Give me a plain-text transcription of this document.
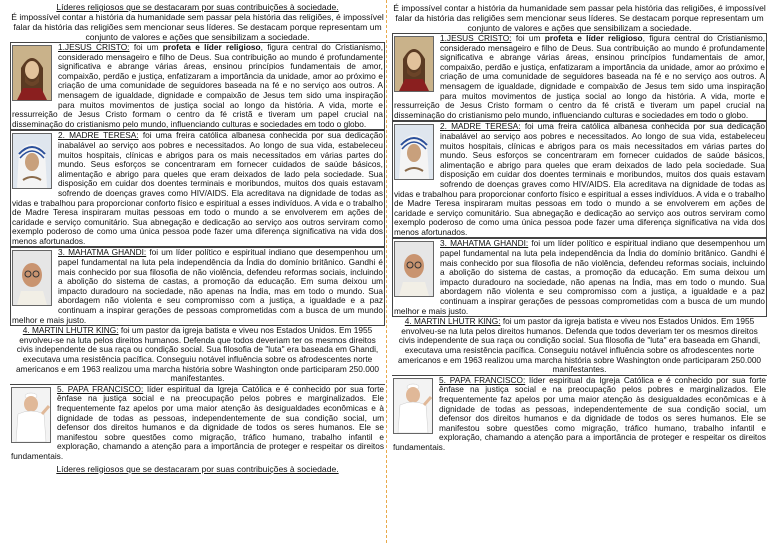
Líderes religiosos que se destacaram por suas contribuições à sociedade.

É impossível contar a história da humanidade sem passar pela história das religiões, é impossível falar da história das religiões sem mencionar seus líderes. Se destacam porque representam um conjunto de valores e ações que sensibilizam a sociedade.

1.JESUS CRISTO: foi um profeta e líder religioso, figura central do Cristianismo, considerado mensageiro e filho de Deus. Sua contribuição ao mundo é profundamente significativa e abrange várias áreas, ensinou princípios fundamentais de amor, compaixão, perdão e justiça, enfatizaram a importância da unidade, amor ao próximo e criação de uma comunidade de seguidores baseada na fé e no serviço aos outros. A mensagem de igualdade, dignidade e compaixão de Jesus tem sido uma inspiração para muitos movimentos de justiça social ao longo da história. A vida, morte e ressurreição de Jesus Cristo formam o centro da fé cristã e tiveram um papel crucial na disseminação do cristianismo pelo mundo, influenciando culturas e sociedades em todo o globo.
2. MADRE TERESA: foi uma freira católica albanesa conhecida por sua dedicação inabalável ao serviço aos pobres e necessitados. Ao longo de sua vida, estabeleceu muitos hospitais, clínicas e abrigos para os mais necessitados em várias partes do mundo. Seus esforços se concentraram em fornecer cuidados de saúde básicos, alimentação e abrigo para queles que eram deixados de lado pela sociedade. Sua disposição em cuidar dos doentes terminais e moribundos, muitos dos quais estavam sofrendo de doenças graves como HIV/AIDS. Ela acreditava na dignidade de todas as vidas e trabalhou para proporcionar conforto físico e espiritual a esses indivíduos. A vida e o trabalho de Madre Teresa inspiraram muitas pessoas em todo o mundo a se envolverem em ações de caridade e serviço comunitário. Sua abnegação e dedicação ao serviço aos outros serviram como exemplo poderoso de como uma única pessoa pode fazer uma diferença significativa na vida dos menos afortunados.
3. MAHATMA GHANDI: foi um líder político e espiritual indiano que desempenhou um papel fundamental na luta pela independência da Índia do domínio britânico. Gandhi é mais conhecido por sua filosofia de não violência, defendeu reformas sociais, incluindo a abolição do sistema de castas, a promoção da educação. Em suma deixou um impacto duradouro na sociedade, não apenas na Índia, mas em todo o mundo. Sua abordagem não violenta e seu compromisso com a justiça, a igualdade e a paz continuam a inspirar gerações de pessoas comprometidas com a busca de um mundo melhor e mais justo.
4. MARTIN LHUTR KING: foi um pastor da igreja batista e viveu nos Estados Unidos. Em 1955 envolveu-se na luta pelos direitos humanos. Defenda que todos deveriam ter os mesmos direitos civis independente de sua raça ou condição social. Sua filosofia de "luta" era baseada em Ghandi, executava uma resistência pacífica. Conseguiu notável influência sobre os afrodescentes norte americanos e em 1963 realizou uma marcha história sobre Washington onde participaram 250.000 manifestantes.
5. PAPA FRANCISCO: líder espiritual da Igreja Católica e é conhecido por sua forte ênfase na justiça social e na preocupação pelos pobres e marginalizados. Ele frequentemente faz apelos por uma maior atenção às desigualdades econômicas e à dignidade de todas as pessoas, independentemente de sua condição social, um defensor dos direitos humanos e da dignidade de todos os seres humanos. Ele se manifestou sobre questões como migração, tráfico humano, trabalho infantil e exploração, chamando a atenção para a importância de proteger e respeitar os direitos fundamentais.

Líderes religiosos que se destacaram por suas contribuições à sociedade.

É impossível contar a história da humanidade sem passar pela história das religiões, é impossível falar da história das religiões sem mencionar seus líderes. Se destacam porque representam um conjunto de valores e ações que sensibilizam a sociedade.

1.JESUS CRISTO: foi um profeta e líder religioso, figura central do Cristianismo, considerado mensageiro e filho de Deus. Sua contribuição ao mundo é profundamente significativa e abrange várias áreas, ensinou princípios fundamentais de amor, compaixão, perdão e justiça, enfatizaram a importância da unidade, amor ao próximo e criação de uma comunidade de seguidores baseada na fé e no serviço aos outros. A mensagem de igualdade, dignidade e compaixão de Jesus tem sido uma inspiração para muitos movimentos de justiça social ao longo da história. A vida, morte e ressurreição de Jesus Cristo formam o centro da fé cristã e tiveram um papel crucial na disseminação do cristianismo pelo mundo, influenciando culturas e sociedades em todo o globo.
2. MADRE TERESA: foi uma freira católica albanesa conhecida por sua dedicação inabalável ao serviço aos pobres e necessitados. Ao longo de sua vida, estabeleceu muitos hospitais, clínicas e abrigos para os mais necessitados em várias partes do mundo. Seus esforços se concentraram em fornecer cuidados de saúde básicos, alimentação e abrigo para queles que eram deixados de lado pela sociedade. Sua disposição em cuidar dos doentes terminais e moribundos, muitos dos quais estavam sofrendo de doenças graves como HIV/AIDS. Ela acreditava na dignidade de todas as vidas e trabalhou para proporcionar conforto físico e espiritual a esses indivíduos. A vida e o trabalho de Madre Teresa inspiraram muitas pessoas em todo o mundo a se envolverem em ações de caridade e serviço comunitário. Sua abnegação e dedicação ao serviço aos outros serviram como exemplo poderoso de como uma única pessoa pode fazer uma diferença significativa na vida dos menos afortunados.
3. MAHATMA GHANDI: foi um líder político e espiritual indiano que desempenhou um papel fundamental na luta pela independência da Índia do domínio britânico. Gandhi é mais conhecido por sua filosofia de não violência, defendeu reformas sociais, incluindo a abolição do sistema de castas, a promoção da educação. Em suma deixou um impacto duradouro na sociedade, não apenas na Índia, mas em todo o mundo. Sua abordagem não violenta e seu compromisso com a justiça, a igualdade e a paz continuam a inspirar gerações de pessoas comprometidas com a busca de um mundo melhor e mais justo.
4. MARTIN LHUTR KING: foi um pastor da igreja batista e viveu nos Estados Unidos. Em 1955 envolveu-se na luta pelos direitos humanos. Defenda que todos deveriam ter os mesmos direitos civis independente de sua raça ou condição social. Sua filosofia de "luta" era baseada em Ghandi, executava uma resistência pacífica. Conseguiu notável influência sobre os afrodescentes norte americanos e em 1963 realizou uma marcha história sobre Washington onde participaram 250.000 manifestantes.
5. PAPA FRANCISCO: líder espiritual da Igreja Católica e é conhecido por sua forte ênfase na justiça social e na preocupação pelos pobres e marginalizados. Ele frequentemente faz apelos por uma maior atenção às desigualdades econômicas e à dignidade de todas as pessoas, independentemente de sua condição social, um defensor dos direitos humanos e da dignidade de todos os seres humanos. Ele se manifestou sobre questões como migração, tráfico humano, trabalho infantil e exploração, chamando a atenção para a importância de proteger e respeitar os direitos fundamentais.
